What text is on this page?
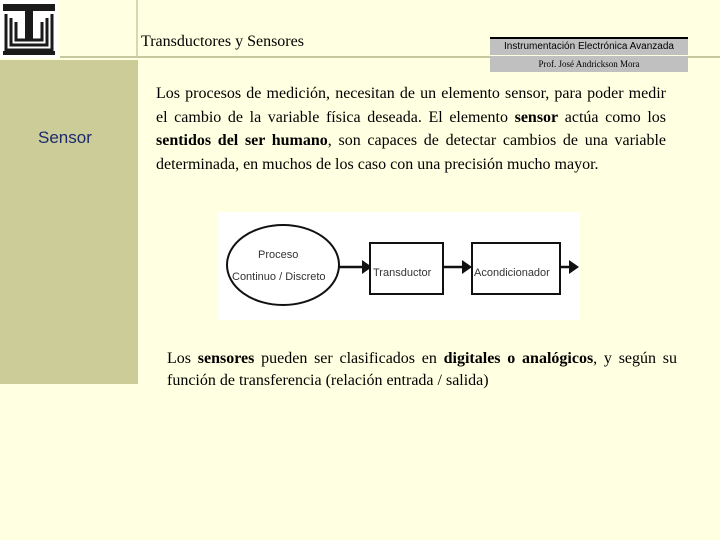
Transductores y Sensores	Instrumentación Electrónica Avanzada
Prof. José Andrickson Mora
Sensor
Los procesos de medición, necesitan de un elemento sensor, para poder medir el cambio de la variable física deseada. El elemento sensor actúa como los sentidos del ser humano, son capaces de detectar cambios de una variable determinada, en muchos de los caso con una precisión mucho mayor.
Proceso
Continuo / Discreto	Transductor	Acondicionador
Los sensores pueden ser clasificados en digitales o analógicos, y según su función de transferencia (relación entrada / salida)
